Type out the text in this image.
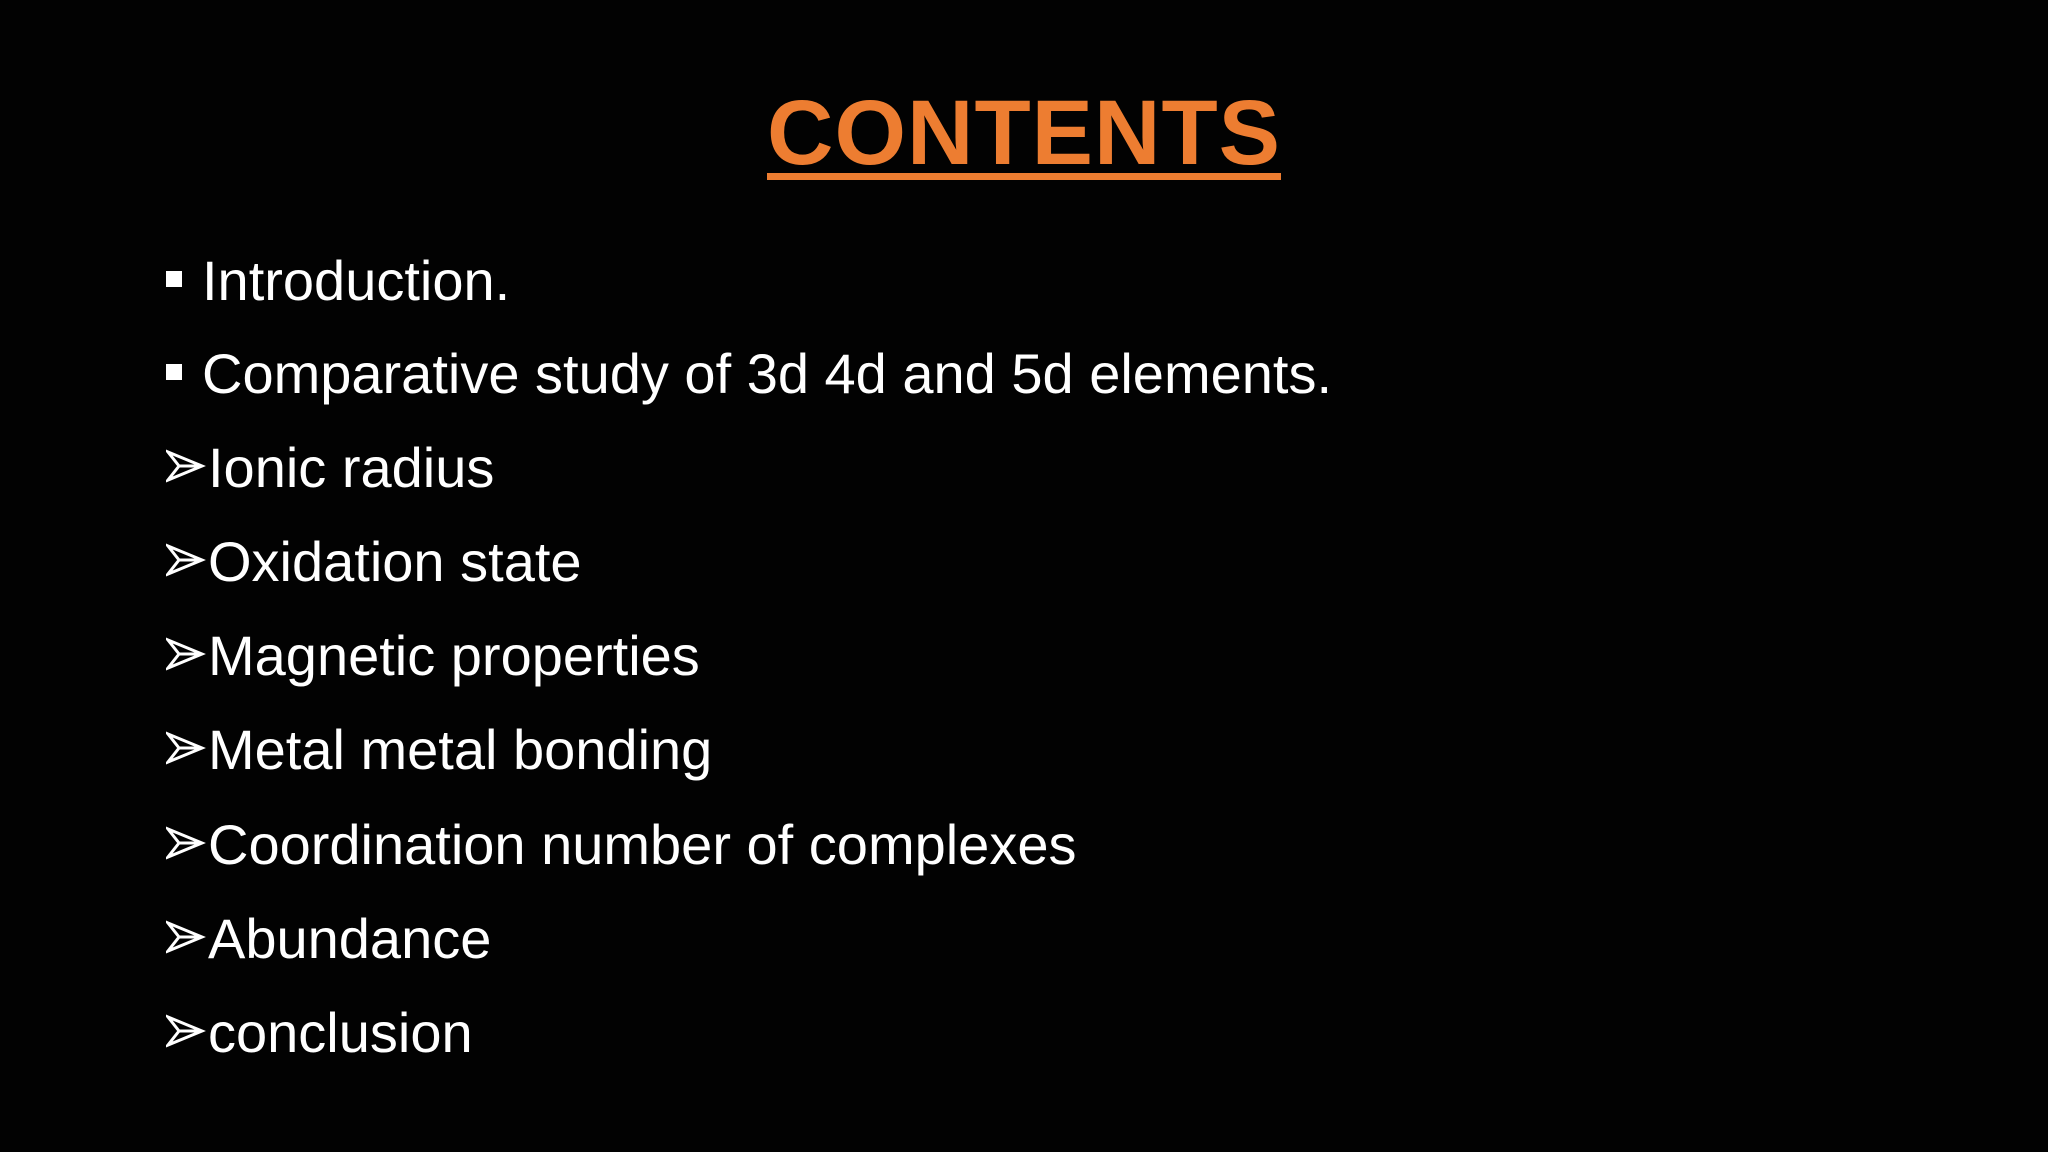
CONTENTS
Introduction.
Comparative study of 3d 4d and 5d elements.
Ionic radius
Oxidation state
Magnetic properties
Metal metal bonding
Coordination number of complexes
Abundance
conclusion
